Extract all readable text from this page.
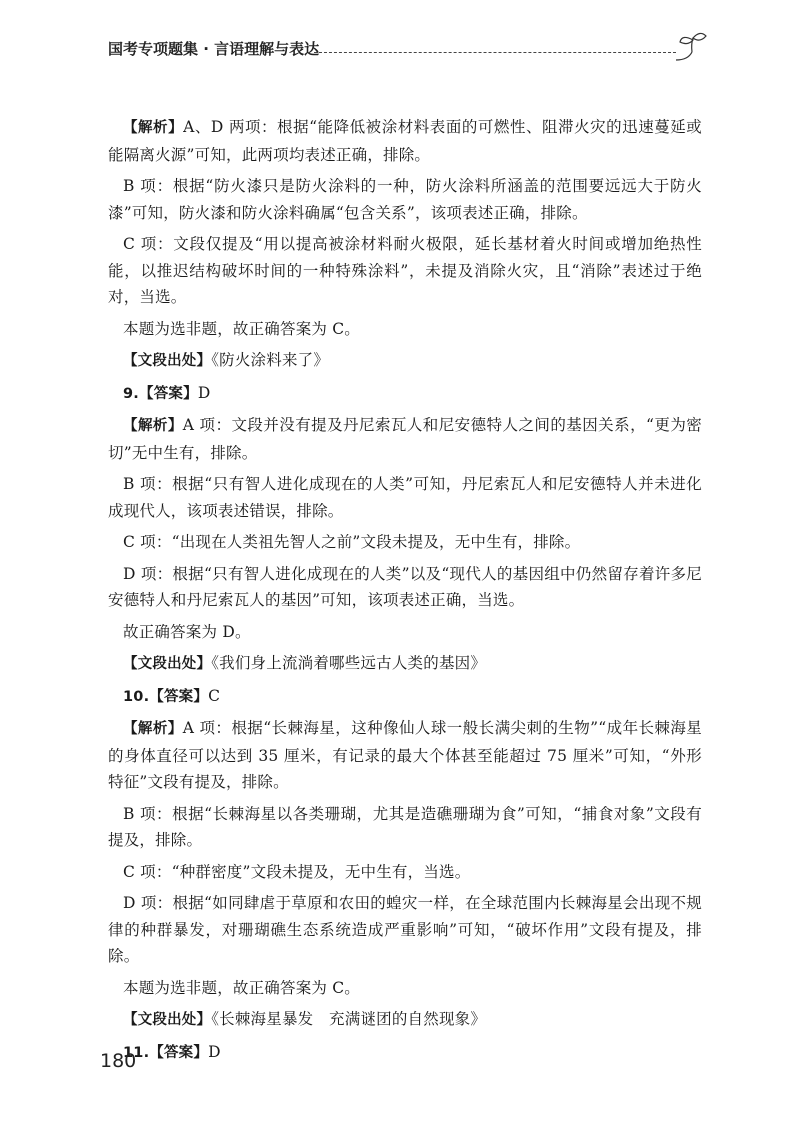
国考专项题集 · 言语理解与表达

【解析】A、D 两项：根据“能降低被涂材料表面的可燃性、阻滞火灾的迅速蔓延或能隔离火源”可知，此两项均表述正确，排除。

B 项：根据“防火漆只是防火涂料的一种，防火涂料所涵盖的范围要远远大于防火漆”可知，防火漆和防火涂料确属“包含关系”，该项表述正确，排除。

C 项：文段仅提及“用以提高被涂材料耐火极限，延长基材着火时间或增加绝热性能，以推迟结构破坏时间的一种特殊涂料”，未提及消除火灾，且“消除”表述过于绝对，当选。

本题为选非题，故正确答案为 C。

【文段出处】《防火涂料来了》

9.【答案】D

【解析】A 项：文段并没有提及丹尼索瓦人和尼安德特人之间的基因关系，“更为密切”无中生有，排除。

B 项：根据“只有智人进化成现在的人类”可知，丹尼索瓦人和尼安德特人并未进化成现代人，该项表述错误，排除。

C 项：“出现在人类祖先智人之前”文段未提及，无中生有，排除。

D 项：根据“只有智人进化成现在的人类”以及“现代人的基因组中仍然留存着许多尼安德特人和丹尼索瓦人的基因”可知，该项表述正确，当选。

故正确答案为 D。

【文段出处】《我们身上流淌着哪些远古人类的基因》

10.【答案】C

【解析】A 项：根据“长棘海星，这种像仙人球一般长满尖刺的生物”“成年长棘海星的身体直径可以达到 35 厘米，有记录的最大个体甚至能超过 75 厘米”可知，“外形特征”文段有提及，排除。

B 项：根据“长棘海星以各类珊瑚，尤其是造礁珊瑚为食”可知，“捕食对象”文段有提及，排除。

C 项：“种群密度”文段未提及，无中生有，当选。

D 项：根据“如同肆虐于草原和农田的蝗灾一样，在全球范围内长棘海星会出现不规律的种群暴发，对珊瑚礁生态系统造成严重影响”可知，“破坏作用”文段有提及，排除。

本题为选非题，故正确答案为 C。

【文段出处】《长棘海星暴发　充满谜团的自然现象》

11.【答案】D

180
